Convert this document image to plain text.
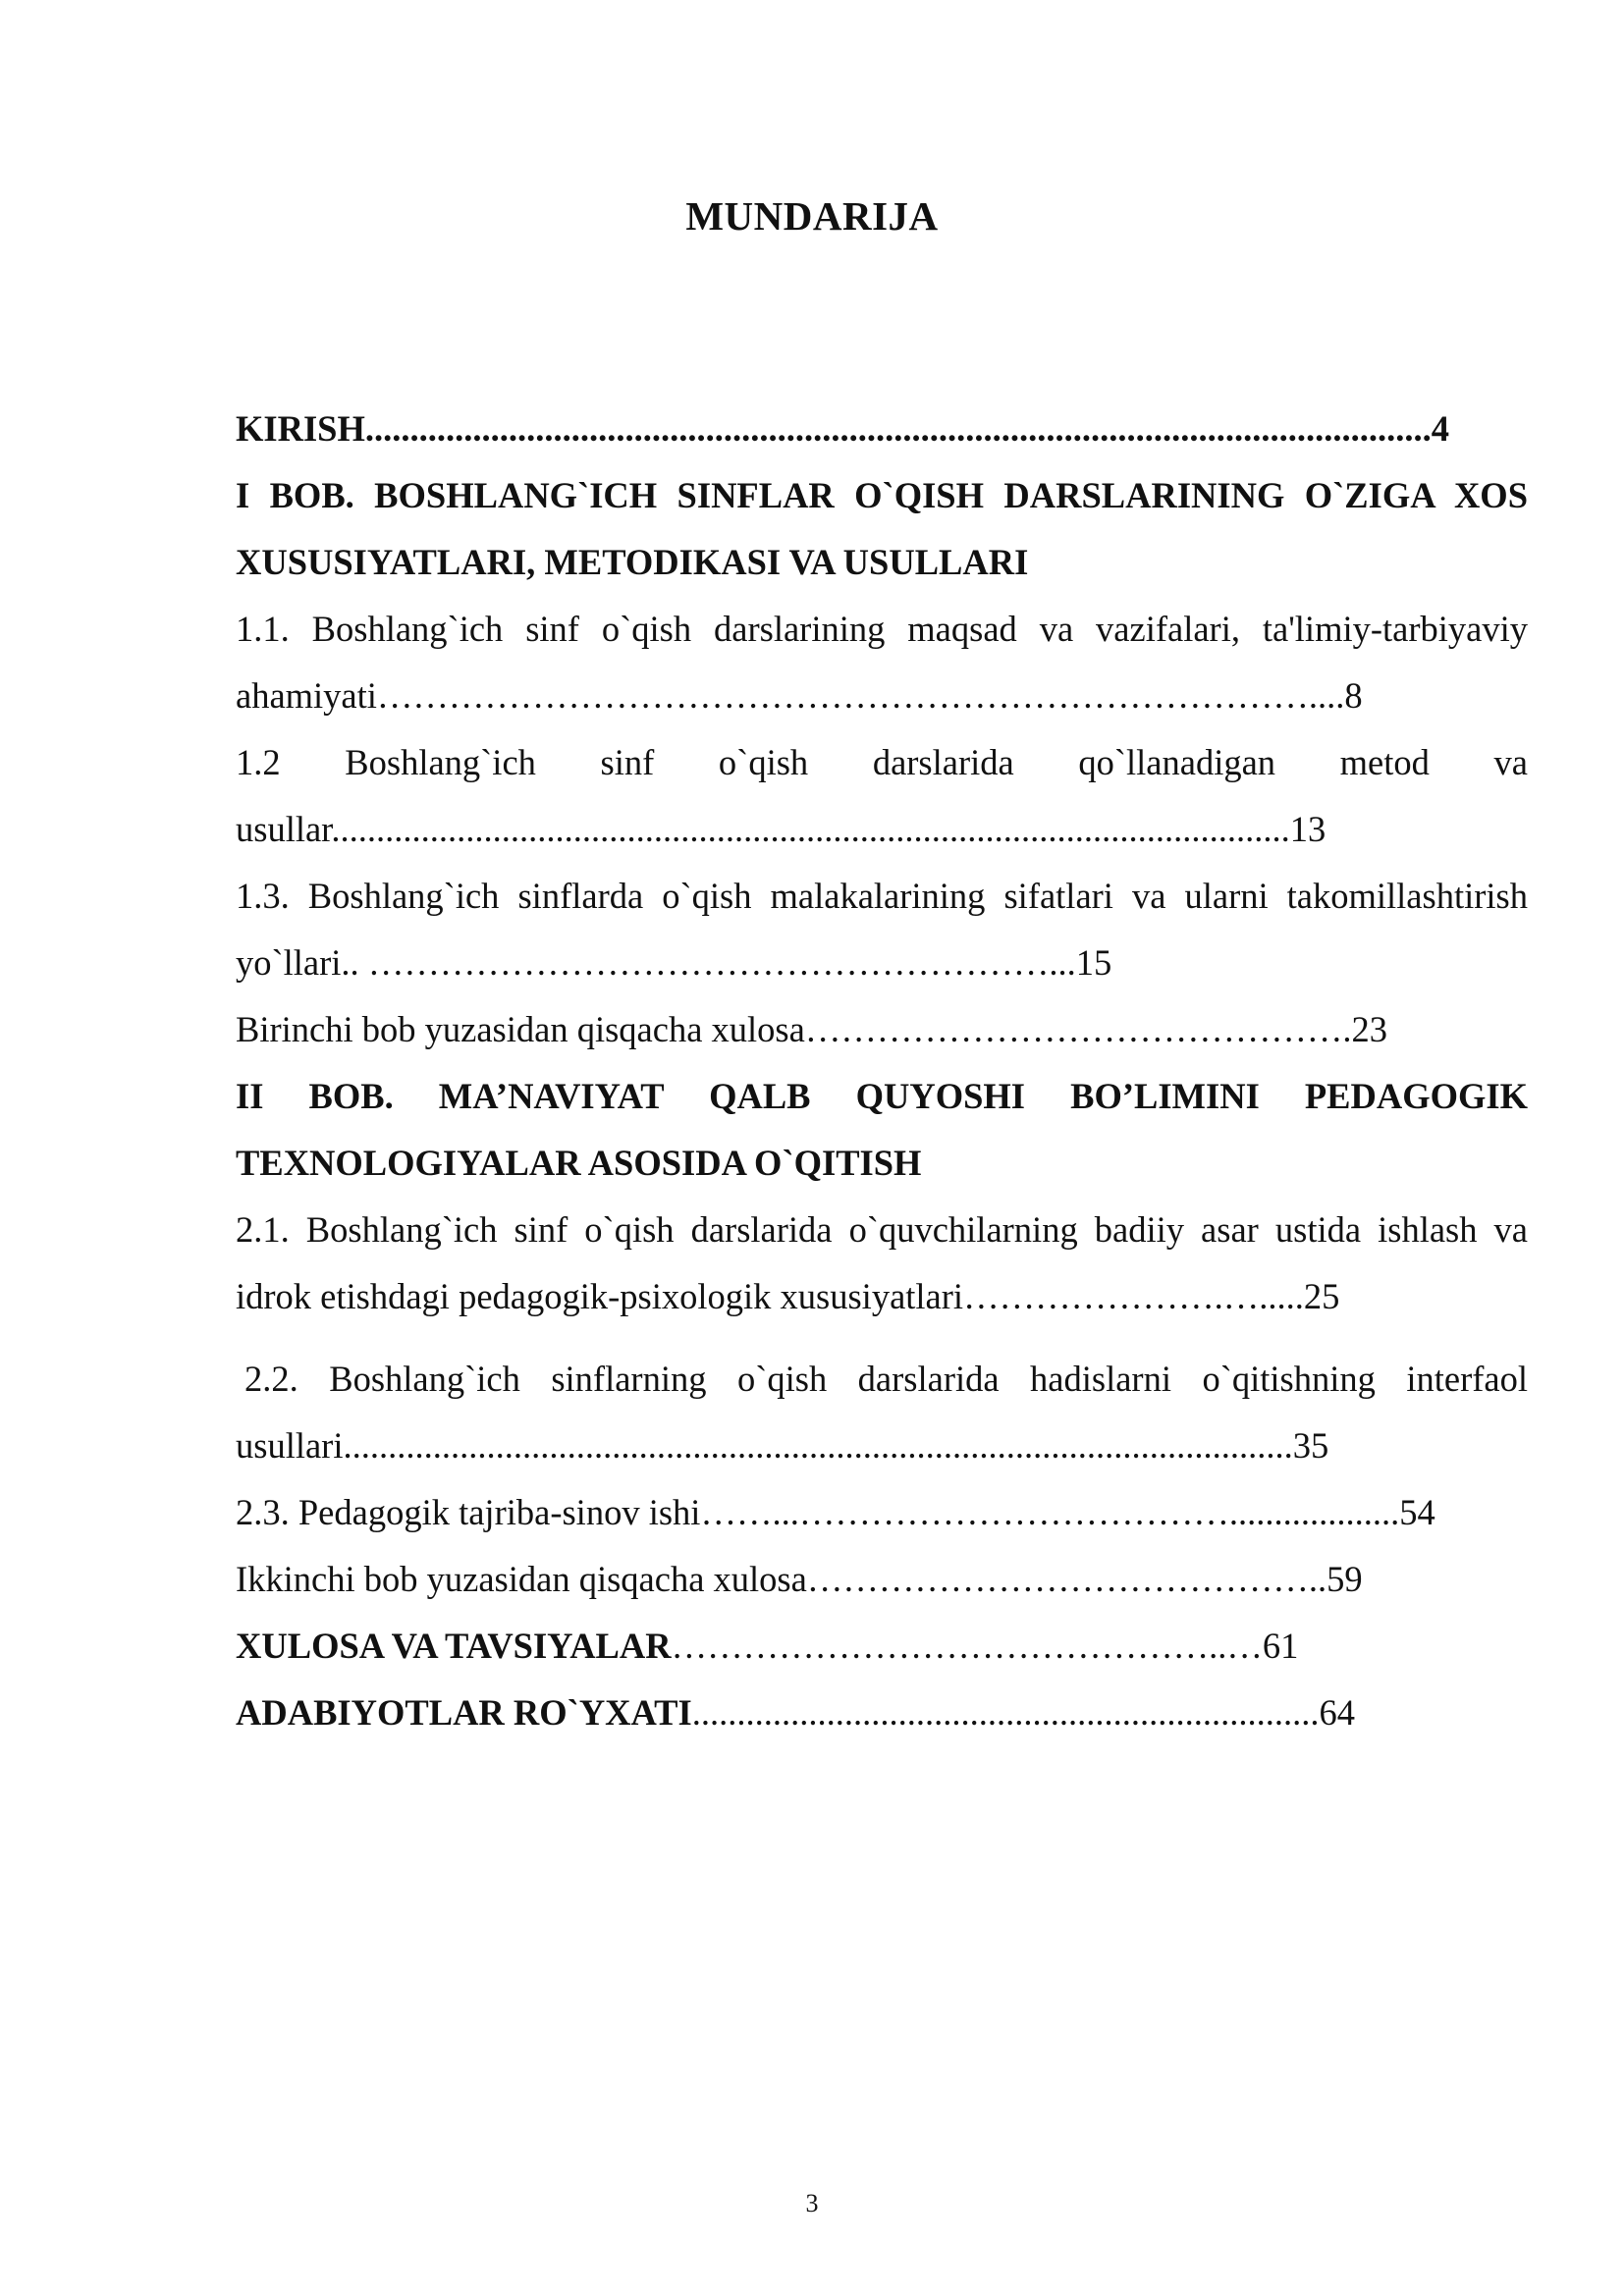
MUNDARIJA

KIRISH.......................................................................................................................4

I BOB. BOSHLANG`ICH SINFLAR O`QISH DARSLARINING O`ZIGA XOS XUSUSIYATLARI, METODIKASI VA USULLARI

1.1. Boshlang`ich sinf o`qish darslarining maqsad va vazifalari, ta'limiy-tarbiyaviy ahamiyati……………………………………………………………………....8

1.2 Boshlang`ich sinf o`qish darslarida qo`llanadigan metod va usullar...........................................................................................................13

1.3. Boshlang`ich sinflarda o`qish malakalarining sifatlari va ularni takomillashtirish yo`llari.. …………………………………………………...15

Birinchi bob yuzasidan qisqacha xulosa……………………………………….23

II BOB. MA’NAVIYAT QALB QUYOSHI BO’LIMINI PEDAGOGIK TEXNOLOGIYALAR ASOSIDA O`QITISH

2.1. Boshlang`ich sinf o`qish darslarida o`quvchilarning badiiy asar ustida ishlash va idrok etishdagi pedagogik-psixologik xususiyatlari………………….….....25

2.2. Boshlang`ich sinflarning o`qish darslarida hadislarni o`qitishning interfaol usullari..........................................................................................................35

2.3. Pedagogik tajriba-sinov ishi……...………………………………...................54

Ikkinchi bob yuzasidan qisqacha xulosa……………………………………..59

XULOSA VA TAVSIYALAR………………………………………..…61

ADABIYOTLAR RO`YXATI......................................................................64

3
